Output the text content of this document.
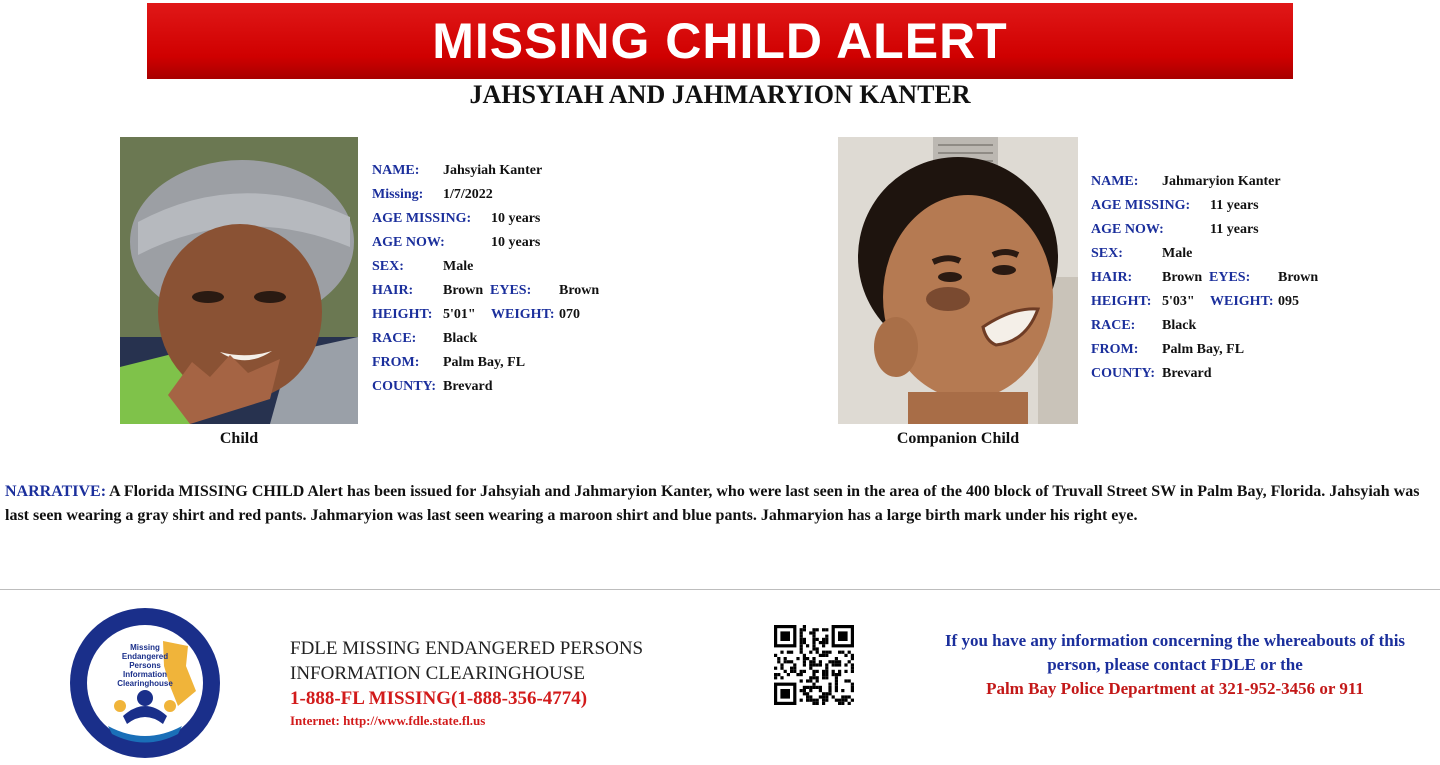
MISSING CHILD ALERT
JAHSYIAH AND JAHMARYION KANTER
Child
NAME: Jahsyiah Kanter
Missing: 1/7/2022
AGE MISSING: 10 years
AGE NOW:	10 years
SEX:	Male
HAIR: Brown EYES: Brown
HEIGHT: 5'01" WEIGHT: 070
RACE: Black
FROM: Palm Bay, FL
COUNTY: Brevard
Companion Child
NAME: Jahmaryion Kanter
AGE MISSING: 11 years
AGE NOW:	11 years
SEX:	Male
HAIR: Brown EYES: Brown
HEIGHT: 5'03" WEIGHT: 095
RACE: Black
FROM: Palm Bay, FL
COUNTY: Brevard
NARRATIVE: A Florida MISSING CHILD Alert has been issued for Jahsyiah and Jahmaryion Kanter, who were last seen in the area of the 400 block of Truvall Street SW in Palm Bay, Florida. Jahsyiah was last seen wearing a gray shirt and red pants. Jahmaryion was last seen wearing a maroon shirt and blue pants. Jahmaryion has a large birth mark under his right eye.
Missing
Endangered
Persons
Information
Clearinghouse
FDLE MISSING ENDANGERED PERSONS
INFORMATION CLEARINGHOUSE
1-888-FL MISSING(1-888-356-4774)
Internet: http://www.fdle.state.fl.us
If you have any information concerning the whereabouts of this
person, please contact FDLE or the
Palm Bay Police Department at 321-952-3456 or 911
